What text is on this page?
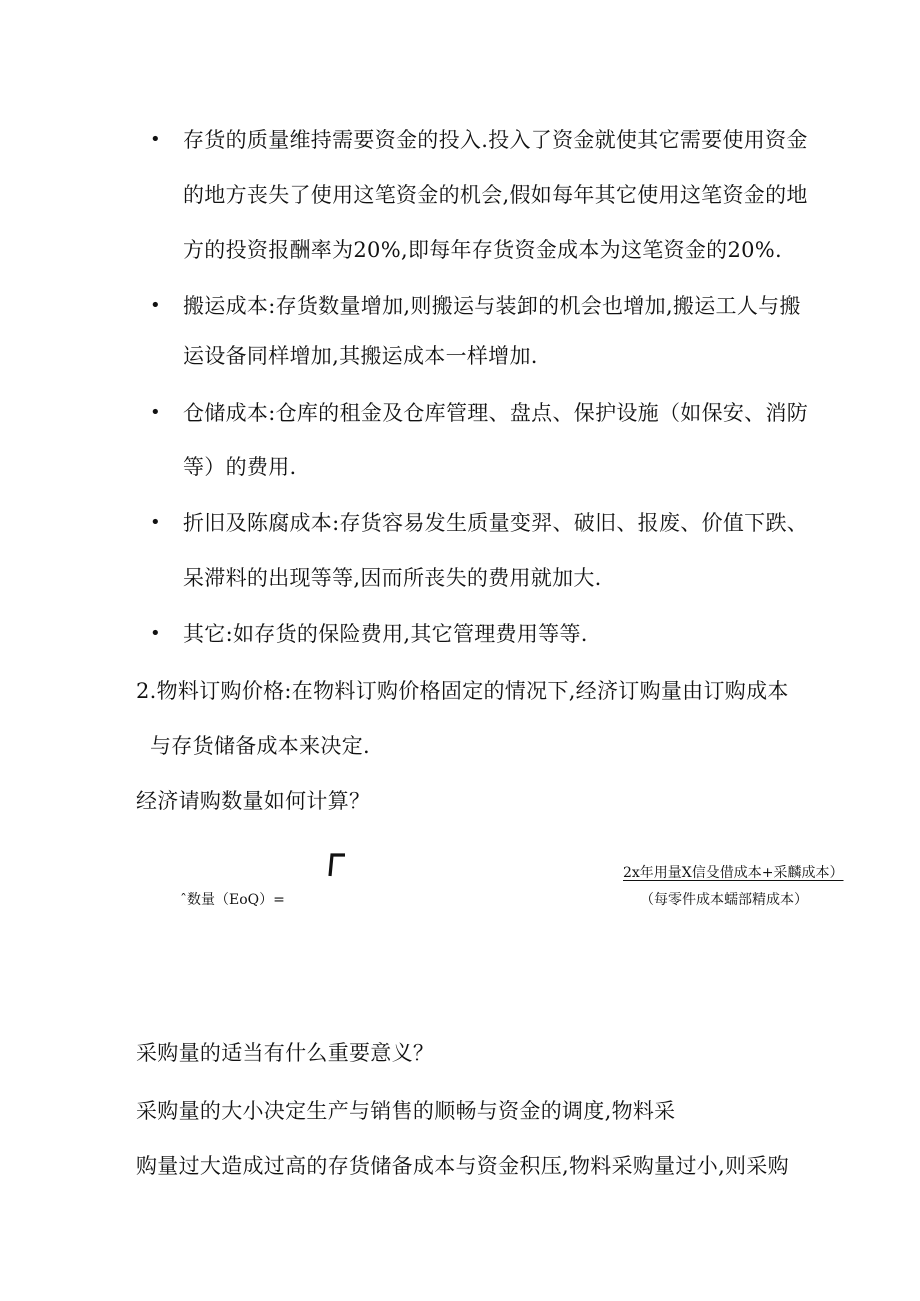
• 存货的质量维持需要资金的投入.投入了资金就使其它需要使用资金
的地方丧失了使用这笔资金的机会,假如每年其它使用这笔资金的地
方的投资报酬率为20%,即每年存货资金成本为这笔资金的20%.
• 搬运成本:存货数量增加,则搬运与装卸的机会也增加,搬运工人与搬
运设备同样增加,其搬运成本一样增加.
• 仓储成本:仓库的租金及仓库管理、盘点、保护设施（如保安、消防
等）的费用.
• 折旧及陈腐成本:存货容易发生质量变羿、破旧、报废、价值下跌、
呆滞料的出现等等,因而所丧失的费用就加大.
• 其它:如存货的保险费用,其它管理费用等等.
2.物料订购价格:在物料订购价格固定的情况下,经济订购量由订购成本
与存货储备成本来决定.
经济请购数量如何计算？
ˆ数量（EoQ）=
2x年用量X信殳借成本+采麟成本）
（每零件成本蠕部精成本）
采购量的适当有什么重要意义？
采购量的大小决定生产与销售的顺畅与资金的调度,物料采
购量过大造成过高的存货储备成本与资金积压,物料采购量过小,则采购
